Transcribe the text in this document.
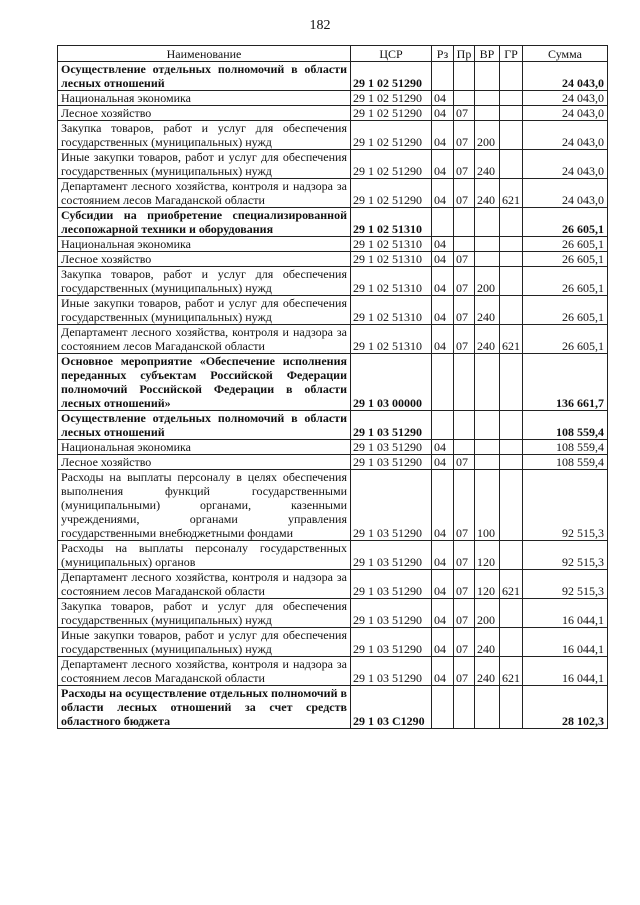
182
Наименование	ЦСР	Рз	Пр	ВР	ГР	Сумма
Осуществление отдельных полномочий в области лесных отношений	29 1 02 51290					24 043,0
Национальная экономика	29 1 02 51290	04				24 043,0
Лесное хозяйство	29 1 02 51290	04	07			24 043,0
Закупка товаров, работ и услуг для обеспечения государственных (муниципальных) нужд	29 1 02 51290	04	07	200		24 043,0
Иные закупки товаров, работ и услуг для обеспечения государственных (муниципальных) нужд	29 1 02 51290	04	07	240		24 043,0
Департамент лесного хозяйства, контроля и надзора за состоянием лесов Магаданской области	29 1 02 51290	04	07	240	621	24 043,0
Субсидии на приобретение специализированной лесопожарной техники и оборудования	29 1 02 51310					26 605,1
Национальная экономика	29 1 02 51310	04				26 605,1
Лесное хозяйство	29 1 02 51310	04	07			26 605,1
Закупка товаров, работ и услуг для обеспечения государственных (муниципальных) нужд	29 1 02 51310	04	07	200		26 605,1
Иные закупки товаров, работ и услуг для обеспечения государственных (муниципальных) нужд	29 1 02 51310	04	07	240		26 605,1
Департамент лесного хозяйства, контроля и надзора за состоянием лесов Магаданской области	29 1 02 51310	04	07	240	621	26 605,1
Основное мероприятие «Обеспечение исполнения переданных субъектам Российской Федерации полномочий Российской Федерации в области лесных отношений»	29 1 03 00000					136 661,7
Осуществление отдельных полномочий в области лесных отношений	29 1 03 51290					108 559,4
Национальная экономика	29 1 03 51290	04				108 559,4
Лесное хозяйство	29 1 03 51290	04	07			108 559,4
Расходы на выплаты персоналу в целях обеспечения выполнения функций государственными (муниципальными) органами, казенными учреждениями, органами управления государственными внебюджетными фондами	29 1 03 51290	04	07	100		92 515,3
Расходы на выплаты персоналу государственных (муниципальных) органов	29 1 03 51290	04	07	120		92 515,3
Департамент лесного хозяйства, контроля и надзора за состоянием лесов Магаданской области	29 1 03 51290	04	07	120	621	92 515,3
Закупка товаров, работ и услуг для обеспечения государственных (муниципальных) нужд	29 1 03 51290	04	07	200		16 044,1
Иные закупки товаров, работ и услуг для обеспечения государственных (муниципальных) нужд	29 1 03 51290	04	07	240		16 044,1
Департамент лесного хозяйства, контроля и надзора за состоянием лесов Магаданской области	29 1 03 51290	04	07	240	621	16 044,1
Расходы на осуществление отдельных полномочий в области лесных отношений за счет средств областного бюджета	29 1 03 С1290					28 102,3
